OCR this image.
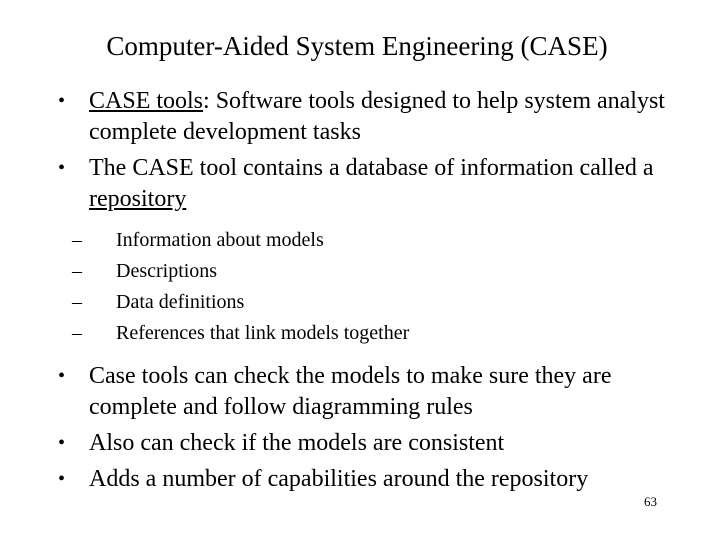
Computer-Aided System Engineering (CASE)
• CASE tools: Software tools designed to help system analyst complete development tasks
• The CASE tool contains a database of information called a repository
– Information about models
– Descriptions
– Data definitions
– References that link models together
• Case tools can check the models to make sure they are complete and follow diagramming rules
• Also can check if the models are consistent
• Adds a number of capabilities around the repository
63
